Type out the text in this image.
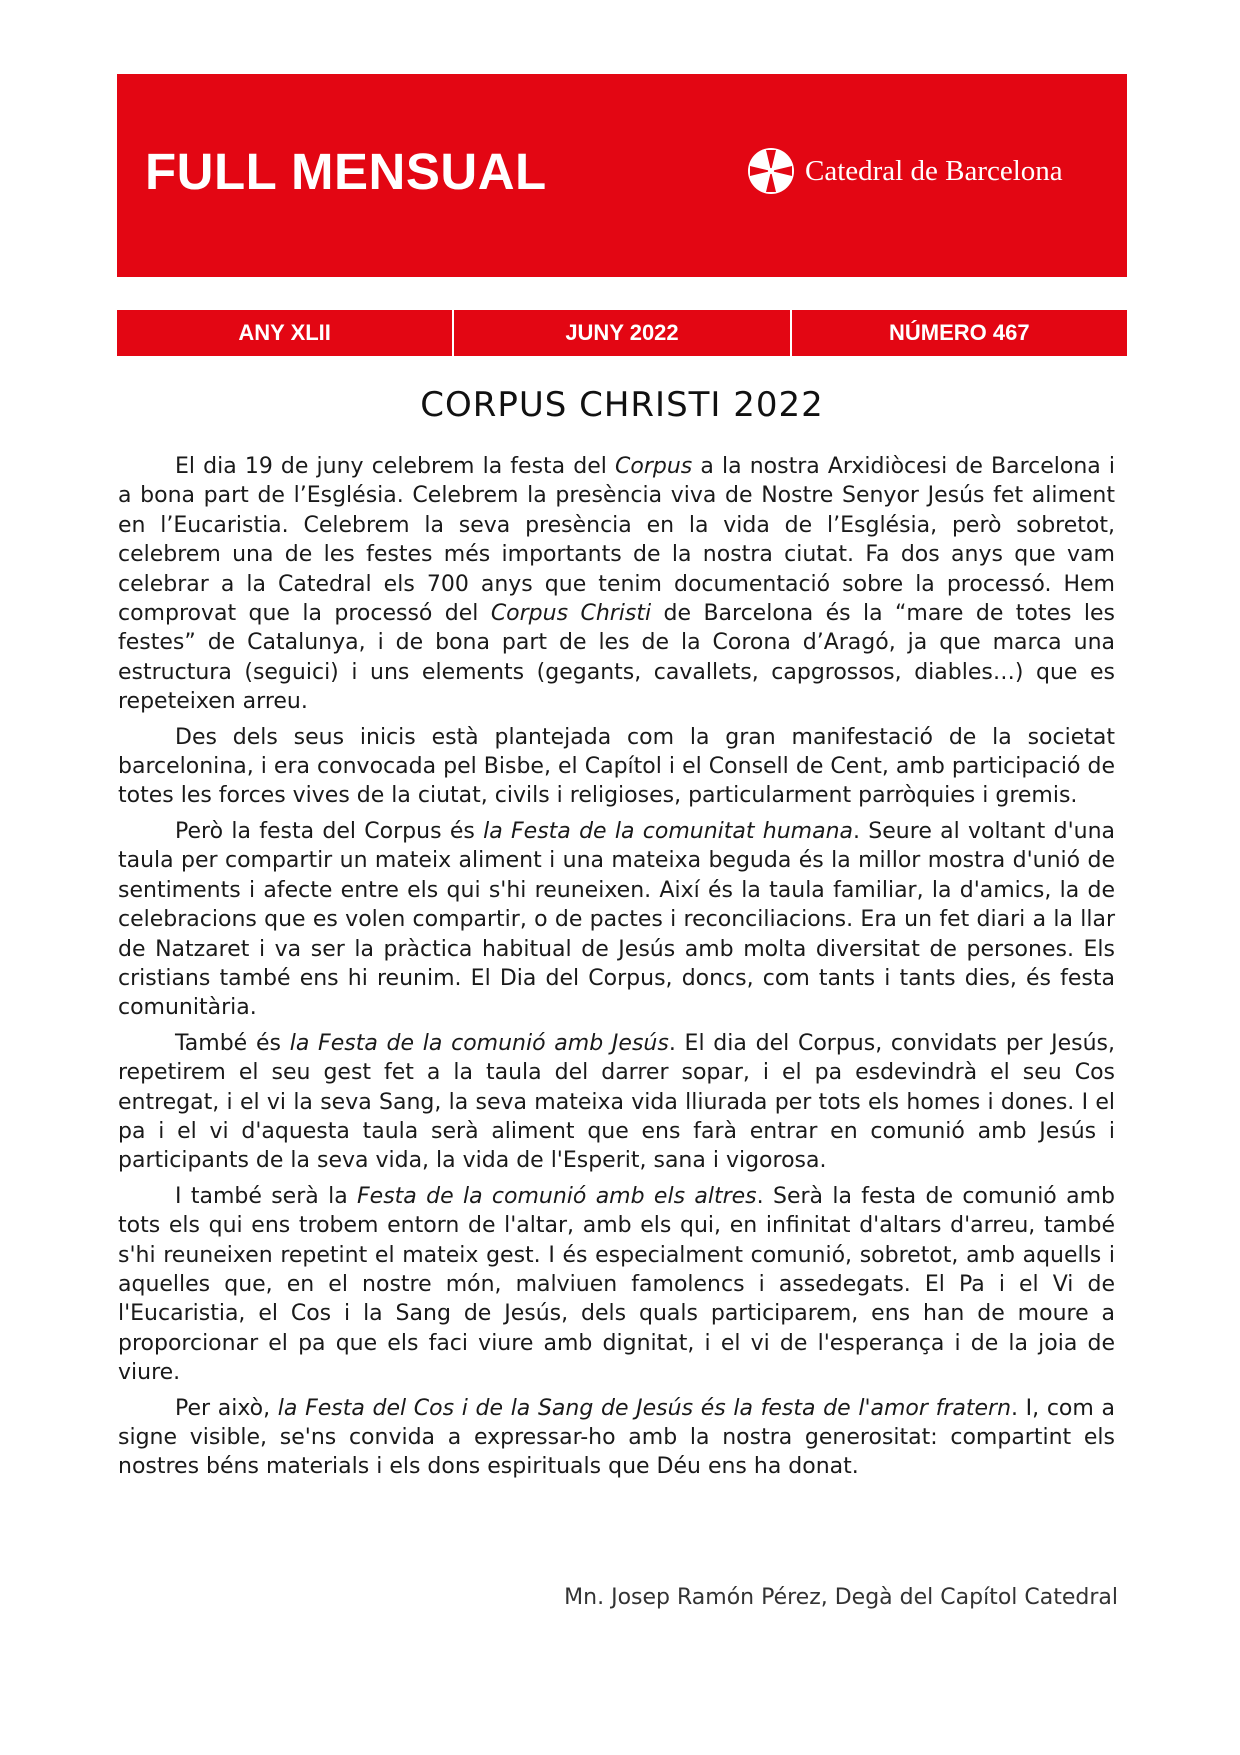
FULL MENSUAL	Catedral de Barcelona
ANY XLII	JUNY 2022	NÚMERO 467
CORPUS CHRISTI 2022

El dia 19 de juny celebrem la festa del Corpus a la nostra Arxidiòcesi de Barcelona i a bona part de l’Església. Celebrem la presència viva de Nostre Senyor Jesús fet aliment en l’Eucaristia. Celebrem la seva presència en la vida de l’Església, però sobretot, celebrem una de les festes més importants de la nostra ciutat. Fa dos anys que vam celebrar a la Catedral els 700 anys que tenim documentació sobre la processó. Hem comprovat que la processó del Corpus Christi de Barcelona és la “mare de totes les festes” de Catalunya, i de bona part de les de la Corona d’Aragó, ja que marca una estructura (seguici) i uns elements (gegants, cavallets, capgrossos, diables…) que es repeteixen arreu.

Des dels seus inicis està plantejada com la gran manifestació de la societat barcelonina, i era convocada pel Bisbe, el Capítol i el Consell de Cent, amb participació de totes les forces vives de la ciutat, civils i religioses, particularment parròquies i gremis.

Però la festa del Corpus és la Festa de la comunitat humana. Seure al voltant d'una taula per compartir un mateix aliment i una mateixa beguda és la millor mostra d'unió de sentiments i afecte entre els qui s'hi reuneixen. Així és la taula familiar, la d'amics, la de celebracions que es volen compartir, o de pactes i reconciliacions. Era un fet diari a la llar de Natzaret i va ser la pràctica habitual de Jesús amb molta diversitat de persones. Els cristians també ens hi reunim. El Dia del Corpus, doncs, com tants i tants dies, és festa comunitària.

També és la Festa de la comunió amb Jesús. El dia del Corpus, convidats per Jesús, repetirem el seu gest fet a la taula del darrer sopar, i el pa esdevindrà el seu Cos entregat, i el vi la seva Sang, la seva mateixa vida lliurada per tots els homes i dones. I el pa i el vi d'aquesta taula serà aliment que ens farà entrar en comunió amb Jesús i participants de la seva vida, la vida de l'Esperit, sana i vigorosa.

I també serà la Festa de la comunió amb els altres. Serà la festa de comunió amb tots els qui ens trobem entorn de l'altar, amb els qui, en infinitat d'altars d'arreu, també s'hi reuneixen repetint el mateix gest. I és especialment comunió, sobretot, amb aquells i aquelles que, en el nostre món, malviuen famolencs i assedegats. El Pa i el Vi de l'Eucaristia, el Cos i la Sang de Jesús, dels quals participarem, ens han de moure a proporcionar el pa que els faci viure amb dignitat, i el vi de l'esperança i de la joia de viure.

Per això, la Festa del Cos i de la Sang de Jesús és la festa de l'amor fratern. I, com a signe visible, se'ns convida a expressar-ho amb la nostra generositat: compartint els nostres béns materials i els dons espirituals que Déu ens ha donat.

Mn. Josep Ramón Pérez, Degà del Capítol Catedral
